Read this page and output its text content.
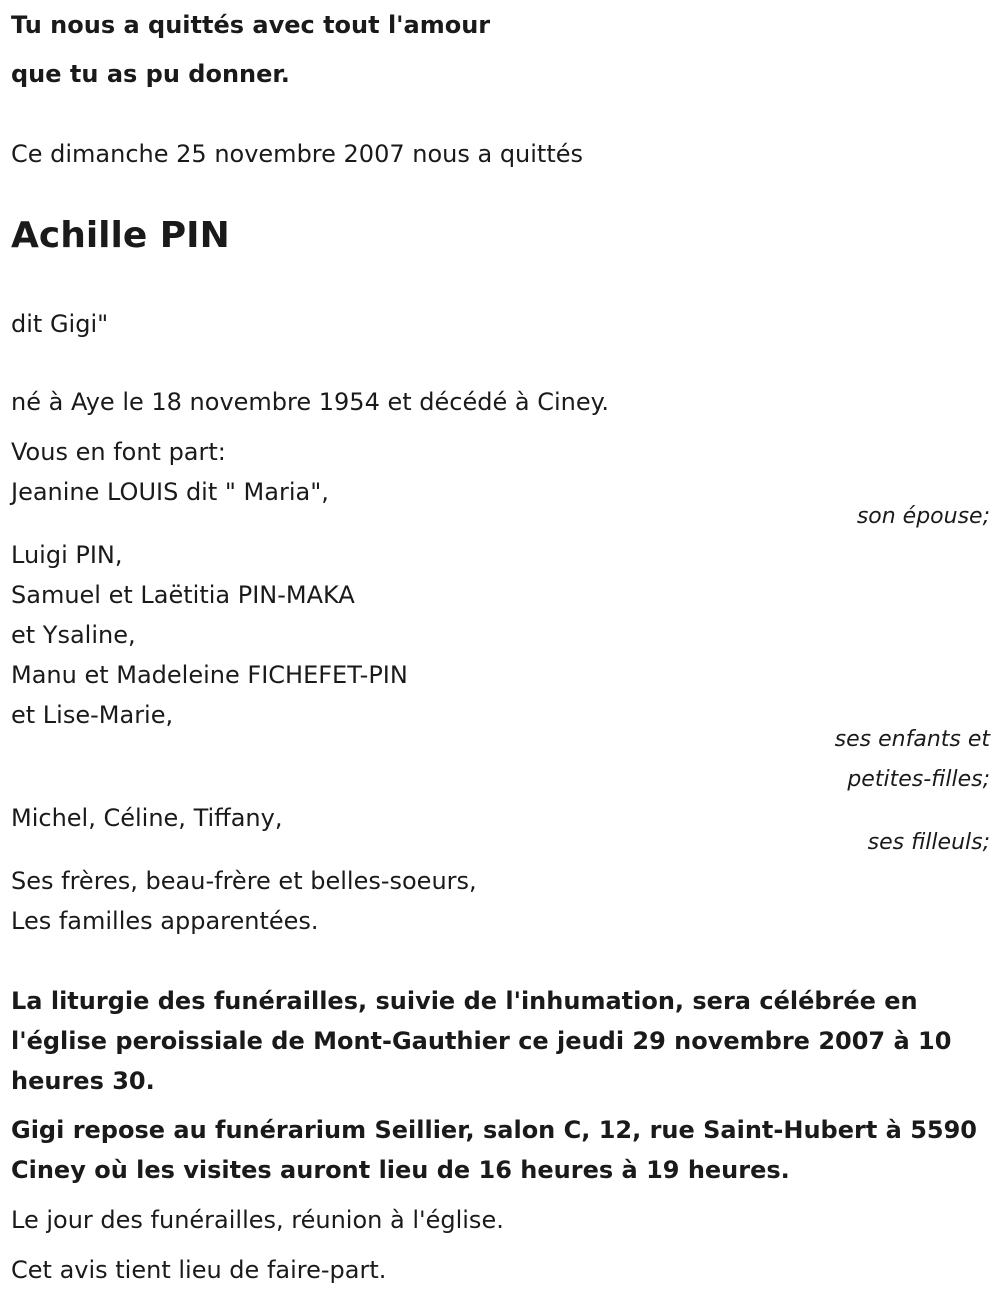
Tu nous a quittés avec tout l'amour
que tu as pu donner.
Ce dimanche 25 novembre 2007 nous a quittés
Achille PIN
dit Gigi"
né à Aye le 18 novembre 1954 et décédé à Ciney.
Vous en font part:
Jeanine LOUIS dit " Maria",
son épouse;
Luigi PIN,
Samuel et Laëtitia PIN-MAKA
et Ysaline,
Manu et Madeleine FICHEFET-PIN
et Lise-Marie,
ses enfants et
petites-filles;
Michel, Céline, Tiffany,
ses filleuls;
Ses frères, beau-frère et belles-soeurs,
Les familles apparentées.
La liturgie des funérailles, suivie de l'inhumation, sera célébrée en
l'église peroissiale de Mont-Gauthier ce jeudi 29 novembre 2007 à 10
heures 30.
Gigi repose au funérarium Seillier, salon C, 12, rue Saint-Hubert à 5590
Ciney où les visites auront lieu de 16 heures à 19 heures.
Le jour des funérailles, réunion à l'église.
Cet avis tient lieu de faire-part.
